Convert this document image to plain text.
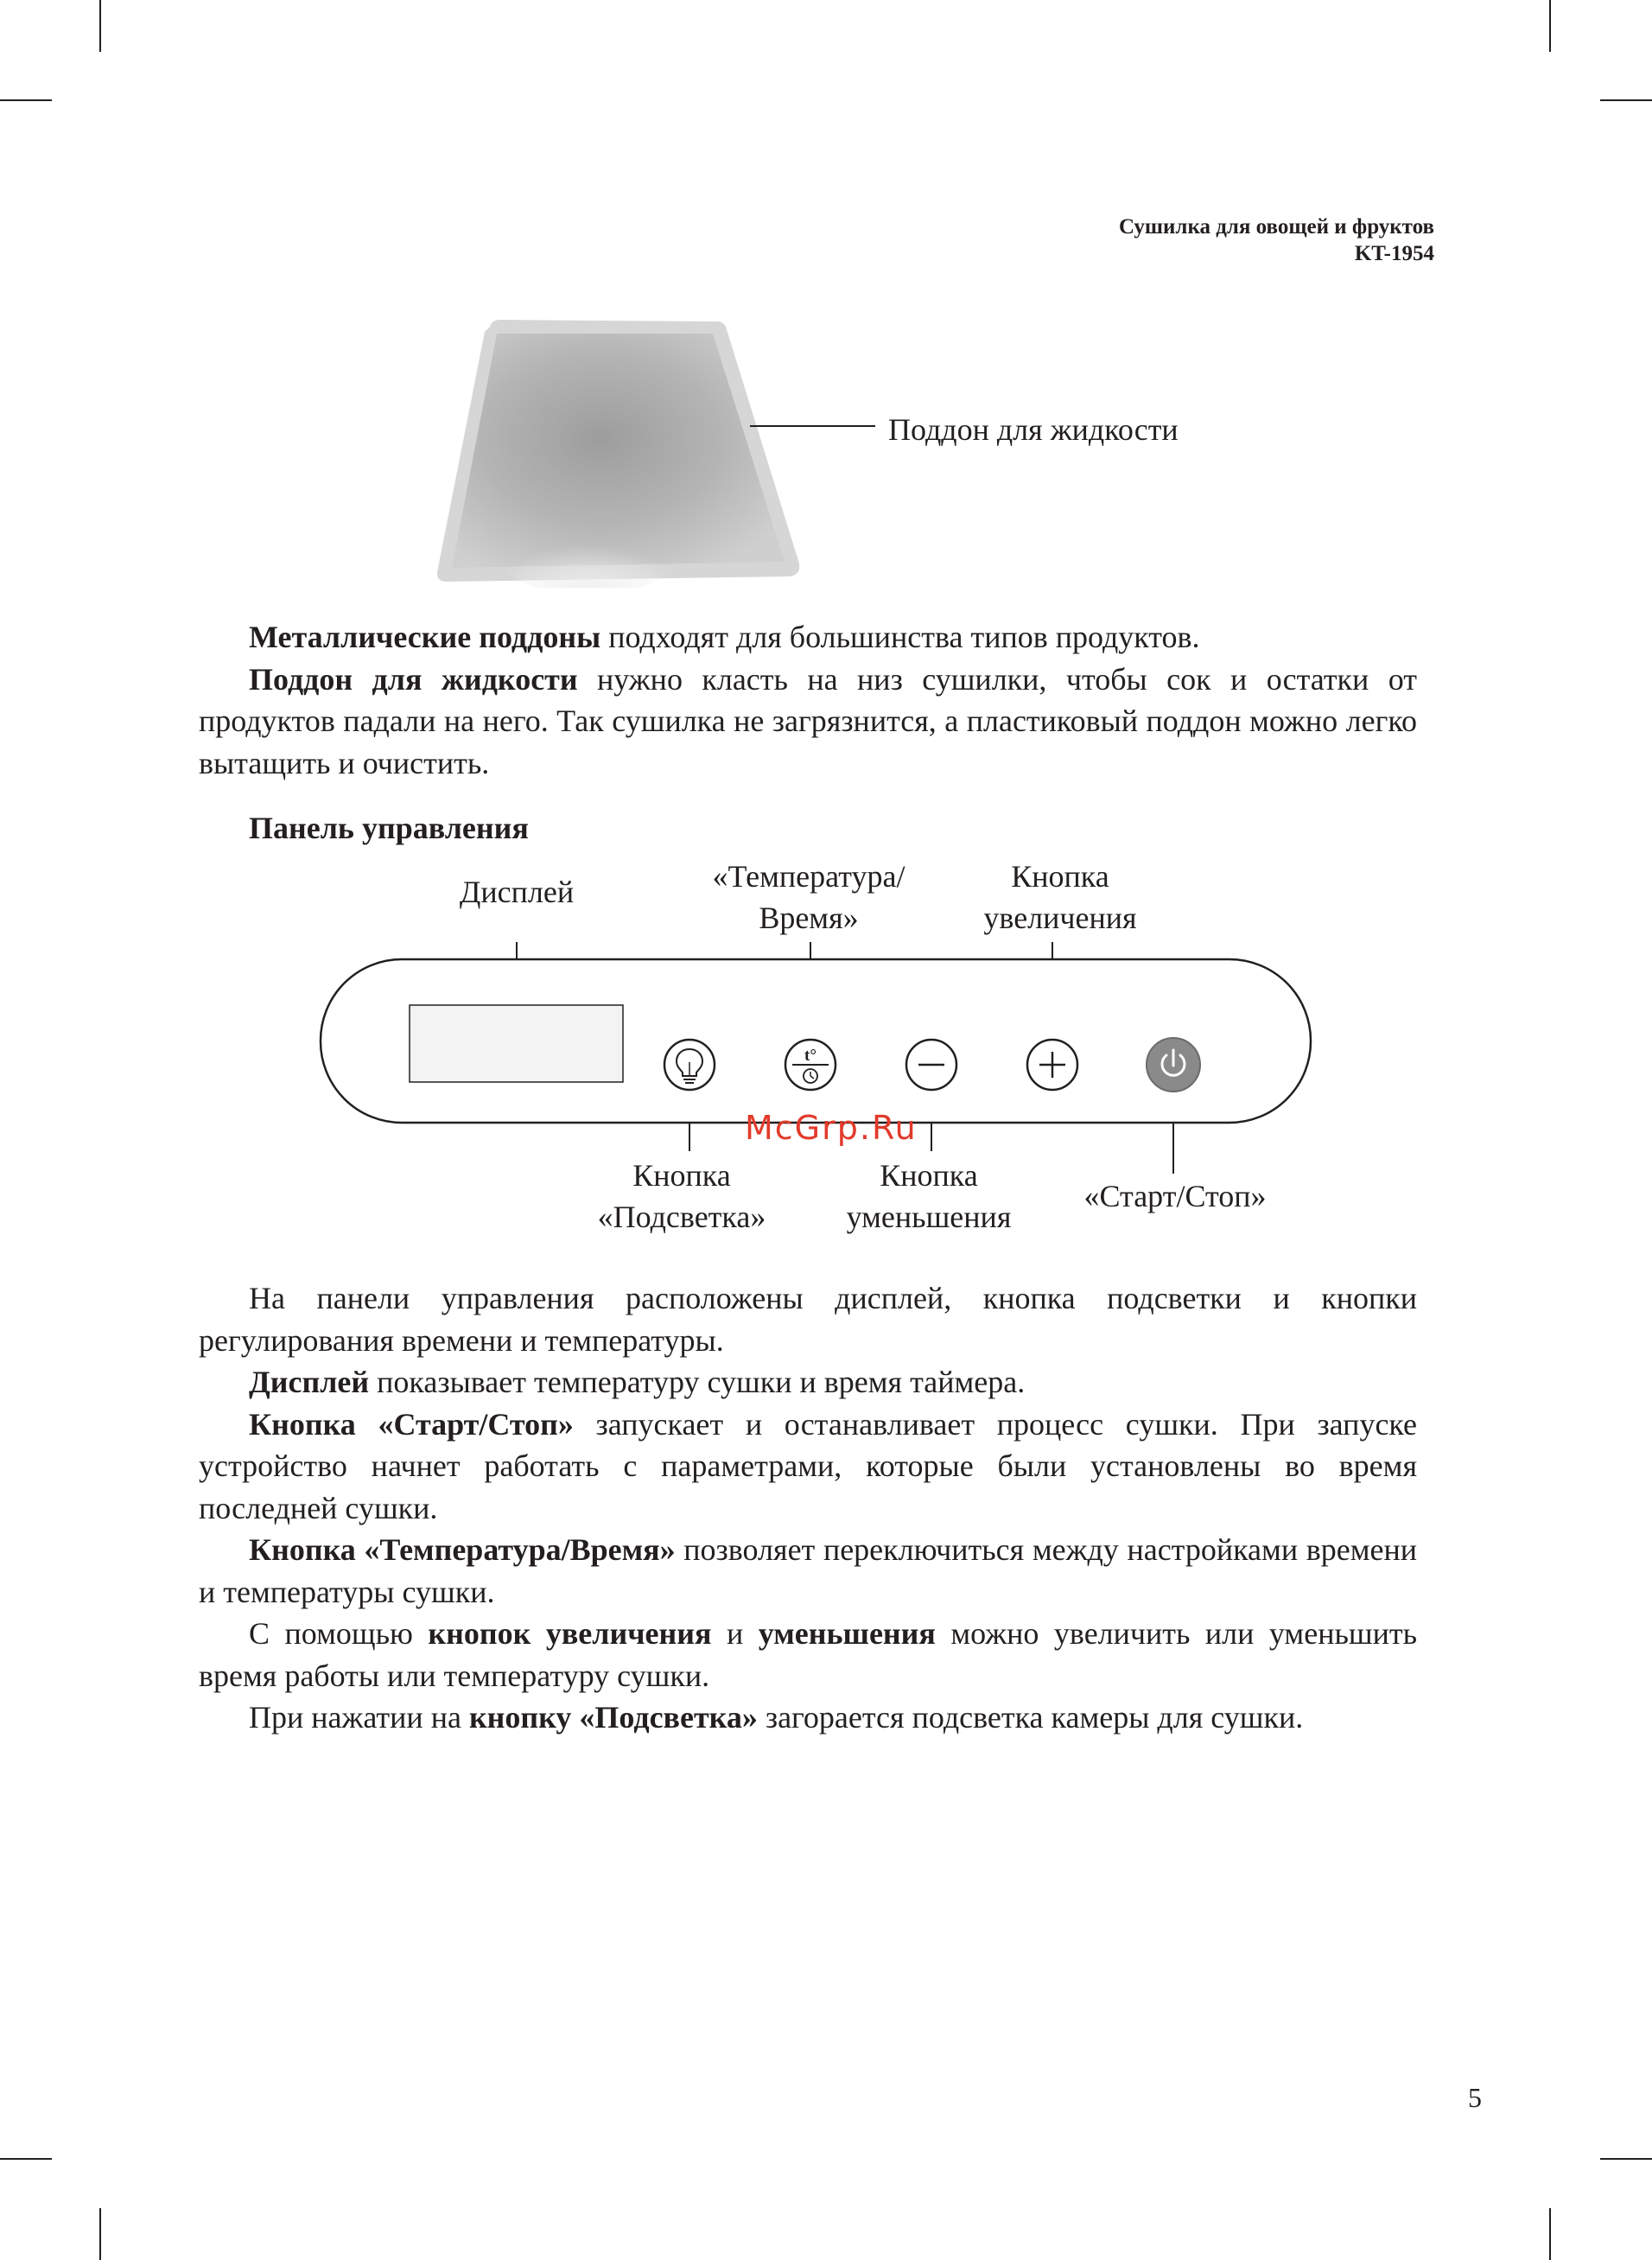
Сушилка для овощей и фруктов
KT-1954
Поддон для жидкости

Металлические поддоны подходят для большинства типов продуктов.

Поддон для жидкости нужно класть на низ сушилки, чтобы сок и остатки от продуктов падали на него. Так сушилка не загрязнится, а пластиковый поддон можно легко вытащить и очистить.

Панель управления
Дисплей	«Температура/
Время»
Кнопка
увеличения
t°
Кнопка
«Подсветка»
Кнопка
уменьшения
«Старт/Стоп»
McGrp.Ru

На панели управления расположены дисплей, кнопка подсветки и кнопки регулирования времени и температуры.

Дисплей показывает температуру сушки и время таймера.

Кнопка «Старт/Стоп» запускает и останавливает процесс сушки. При запуске устройство начнет работать с параметрами, которые были установлены во время последней сушки.

Кнопка «Температура/Время» позволяет переключиться между настройками времени и температуры сушки.

С помощью кнопок увеличения и уменьшения можно увеличить или уменьшить время работы или температуру сушки.

При нажатии на кнопку «Подсветка» загорается подсветка камеры для сушки.

5
